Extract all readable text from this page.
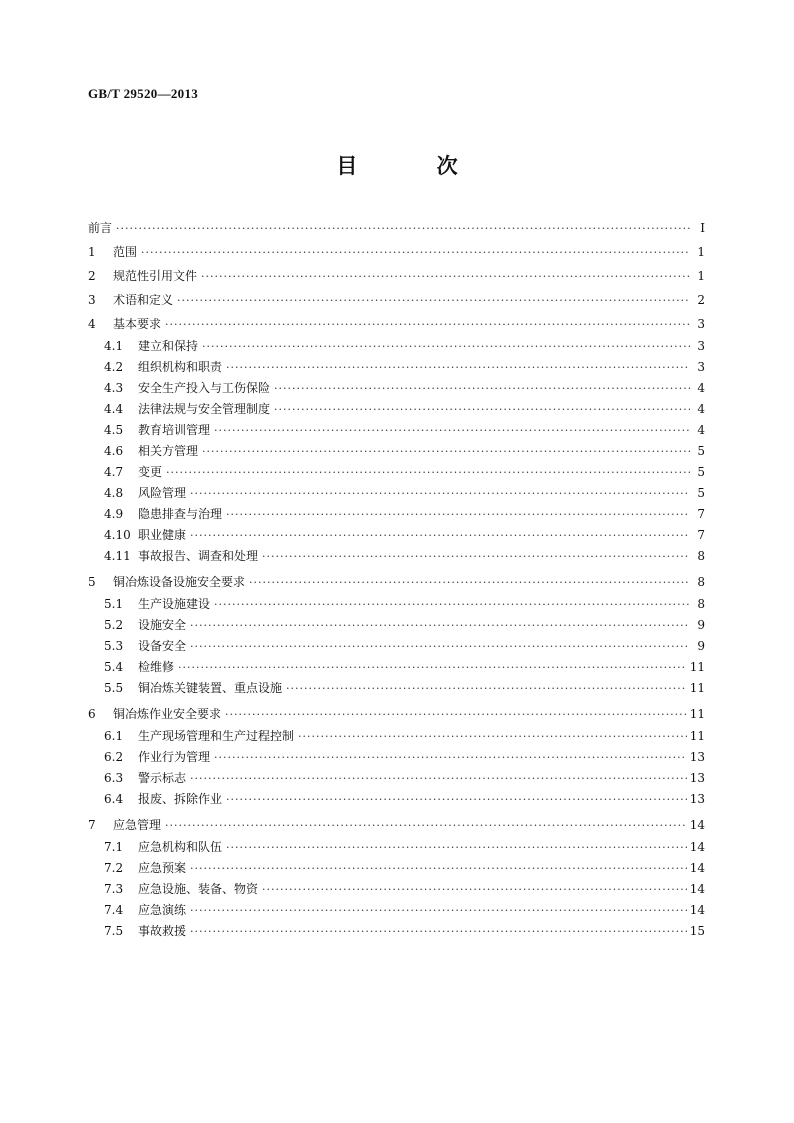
GB/T 29520—2013
目 次
前言 ·····	I
1	范围 ·····	1
2	规范性引用文件 ·····	1
3	术语和定义 ·····	2
4	基本要求 ·····	3
4.1	建立和保持 ·····	3
4.2	组织机构和职责 ·····	3
4.3	安全生产投入与工伤保险 ·····	4
4.4	法律法规与安全管理制度 ·····	4
4.5	教育培训管理 ·····	4
4.6	相关方管理 ·····	5
4.7	变更 ·····	5
4.8	风险管理 ·····	5
4.9	隐患排查与治理 ·····	7
4.10 职业健康 ·····	7
4.11 事故报告、调查和处理 ·····	8
5	铜冶炼设备设施安全要求 ·····	8
5.1	生产设施建设 ·····	8
5.2	设施安全 ·····	9
5.3	设备安全 ·····	9
5.4	检维修 ·····	11
5.5	铜冶炼关键装置、重点设施 ·····	11
6	铜冶炼作业安全要求 ·····	11
6.1	生产现场管理和生产过程控制 ·····	11
6.2	作业行为管理 ·····	13
6.3	警示标志 ·····	13
6.4	报废、拆除作业 ·····	13
7	应急管理 ·····	14
7.1	应急机构和队伍 ·····	14
7.2	应急预案 ·····	14
7.3	应急设施、装备、物资 ·····	14
7.4	应急演练 ·····	14
7.5	事故救援 ·····	15
